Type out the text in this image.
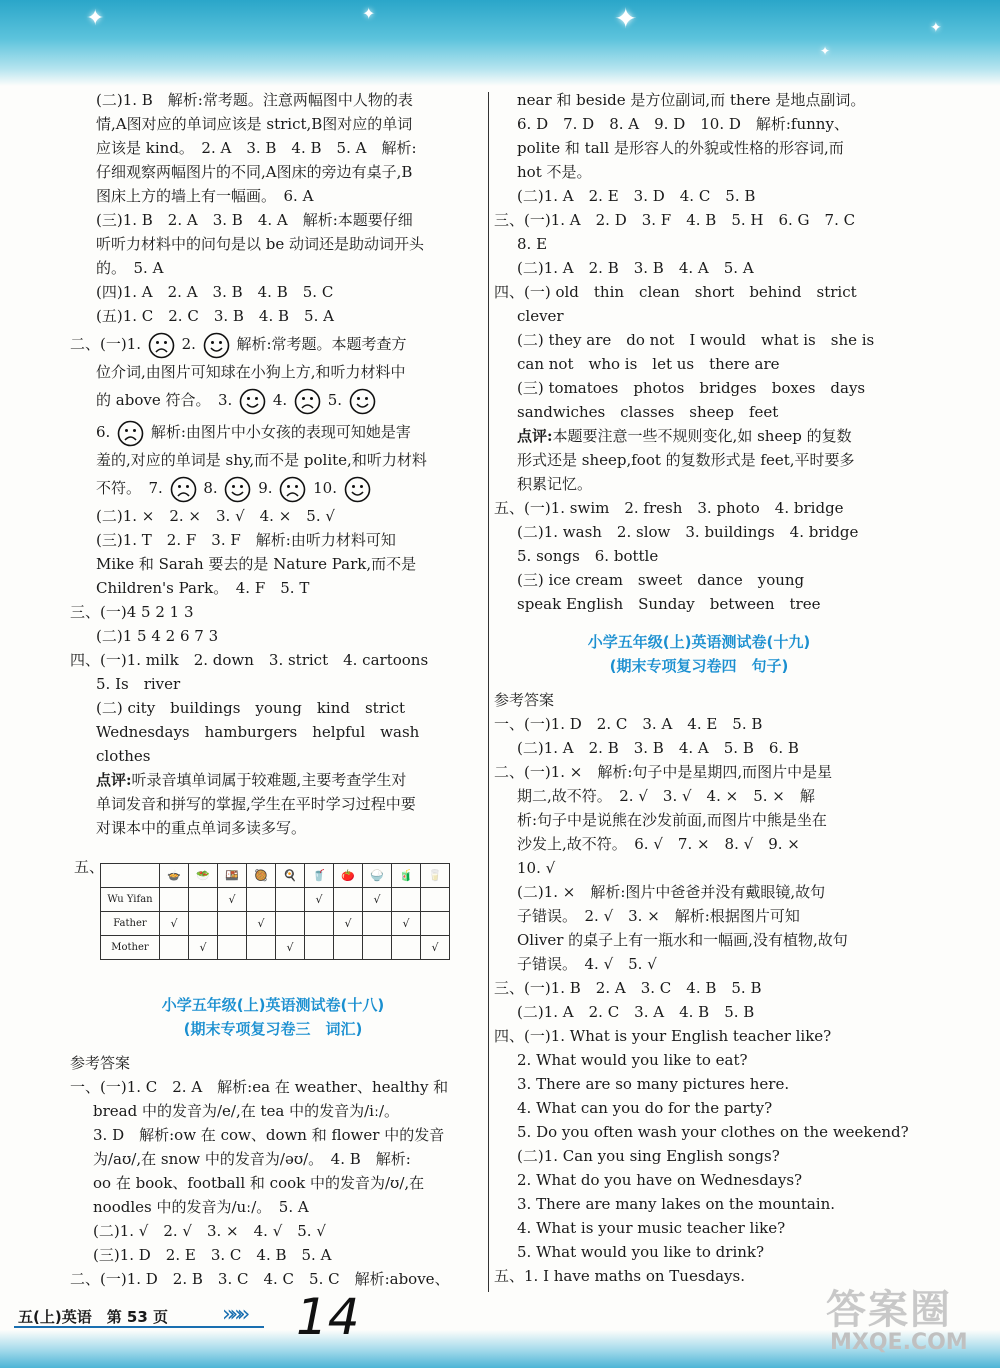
✦	✦	✦	✦
✦
(二)1. B　解析:常考题。注意两幅图中人物的表
情,A图对应的单词应该是 strict,B图对应的单词
应该是 kind。　2. A　3. B　4. B　5. A　解析:
仔细观察两幅图片的不同,A图床的旁边有桌子,B
图床上方的墙上有一幅画。　6. A
(三)1. B　2. A　3. B　4. A　解析:本题要仔细
听听力材料中的问句是以 be 动词还是助动词开头
的。　5. A
(四)1. A　2. A　3. B　4. B　5. C
(五)1. C　2. C　3. B　4. B　5. A
二、(一)1.	2.	解析:常考题。本题考查方
位介词,由图片可知球在小狗上方,和听力材料中
的 above 符合。　3.	4.	5.
6.	解析:由图片中小女孩的表现可知她是害
羞的,对应的单词是 shy,而不是 polite,和听力材料
不符。　7.	8.	9.	10.
(二)1. ×　2. ×　3. √　4. ×　5. √
(三)1. T　2. F　3. F　解析:由听力材料可知
Mike 和 Sarah 要去的是 Nature Park,而不是
Children's Park。　4. F　5. T
三、(一)4 5 2 1 3
(二)1 5 4 2 6 7 3
四、(一)1. milk　2. down　3. strict　4. cartoons
5. Is　river
(二) city　buildings　young　kind　strict
Wednesdays　hamburgers　helpful　wash
clothes
点评:听录音填单词属于较难题,主要考查学生对
单词发音和拼写的掌握,学生在平时学习过程中要
对课本中的重点单词多读多写。
五、
		🍲	🥗	🍱	🥘	🍳	🥤	🍅	🍚	🧃	🥛
Wu Yifan			√			√		√		
Father	√			√			√		√	
Mother		√			√					√
小学五年级(上)英语测试卷(十八)
(期末专项复习卷三　词汇)
参考答案
一、(一)1. C　2. A　解析:ea 在 weather、healthy 和
bread 中的发音为/e/,在 tea 中的发音为/iː/。
3. D　解析:ow 在 cow、down 和 flower 中的发音
为/aʊ/,在 snow 中的发音为/əʊ/。　4. B　解析:
oo 在 book、football 和 cook 中的发音为/ʊ/,在
noodles 中的发音为/uː/。　5. A
(二)1. √　2. √　3. ×　4. √　5. √
(三)1. D　2. E　3. C　4. B　5. A
二、(一)1. D　2. B　3. C　4. C　5. C　解析:above、
near 和 beside 是方位副词,而 there 是地点副词。
6. D　7. D　8. A　9. D　10. D　解析:funny、
polite 和 tall 是形容人的外貌或性格的形容词,而
hot 不是。
(二)1. A　2. E　3. D　4. C　5. B
三、(一)1. A　2. D　3. F　4. B　5. H　6. G　7. C
8. E
(二)1. A　2. B　3. B　4. A　5. A
四、(一) old　thin　clean　short　behind　strict
clever
(二) they are　do not　I would　what is　she is
can not　who is　let us　there are
(三) tomatoes　photos　bridges　boxes　days
sandwiches　classes　sheep　feet
点评:本题要注意一些不规则变化,如 sheep 的复数
形式还是 sheep,foot 的复数形式是 feet,平时要多
积累记忆。
五、(一)1. swim　2. fresh　3. photo　4. bridge
(二)1. wash　2. slow　3. buildings　4. bridge
5. songs　6. bottle
(三) ice cream　sweet　dance　young
speak English　Sunday　between　tree
小学五年级(上)英语测试卷(十九)
(期末专项复习卷四　句子)
参考答案
一、(一)1. D　2. C　3. A　4. E　5. B
(二)1. A　2. B　3. B　4. A　5. B　6. B
二、(一)1. ×　解析:句子中是星期四,而图片中是星
期二,故不符。　2. √　3. √　4. ×　5. ×　解
析:句子中是说熊在沙发前面,而图片中熊是坐在
沙发上,故不符。　6. √　7. ×　8. √　9. ×
10. √
(二)1. ×　解析:图片中爸爸并没有戴眼镜,故句
子错误。　2. √　3. ×　解析:根据图片可知
Oliver 的桌子上有一瓶水和一幅画,没有植物,故句
子错误。　4. √　5. √
三、(一)1. B　2. A　3. C　4. B　5. B
(二)1. A　2. C　3. A　4. B　5. B
四、(一)1. What is your English teacher like?
2. What would you like to eat?
3. There are so many pictures here.
4. What can you do for the party?
5. Do you often wash your clothes on the weekend?
(二)1. Can you sing English songs?
2. What do you have on Wednesdays?
3. There are many lakes on the mountain.
4. What is your music teacher like?
5. What would you like to drink?
五、1. I have maths on Tuesdays.
五(上)英语　第 53 页 »»» 14	答案圈
MXQE.COM
